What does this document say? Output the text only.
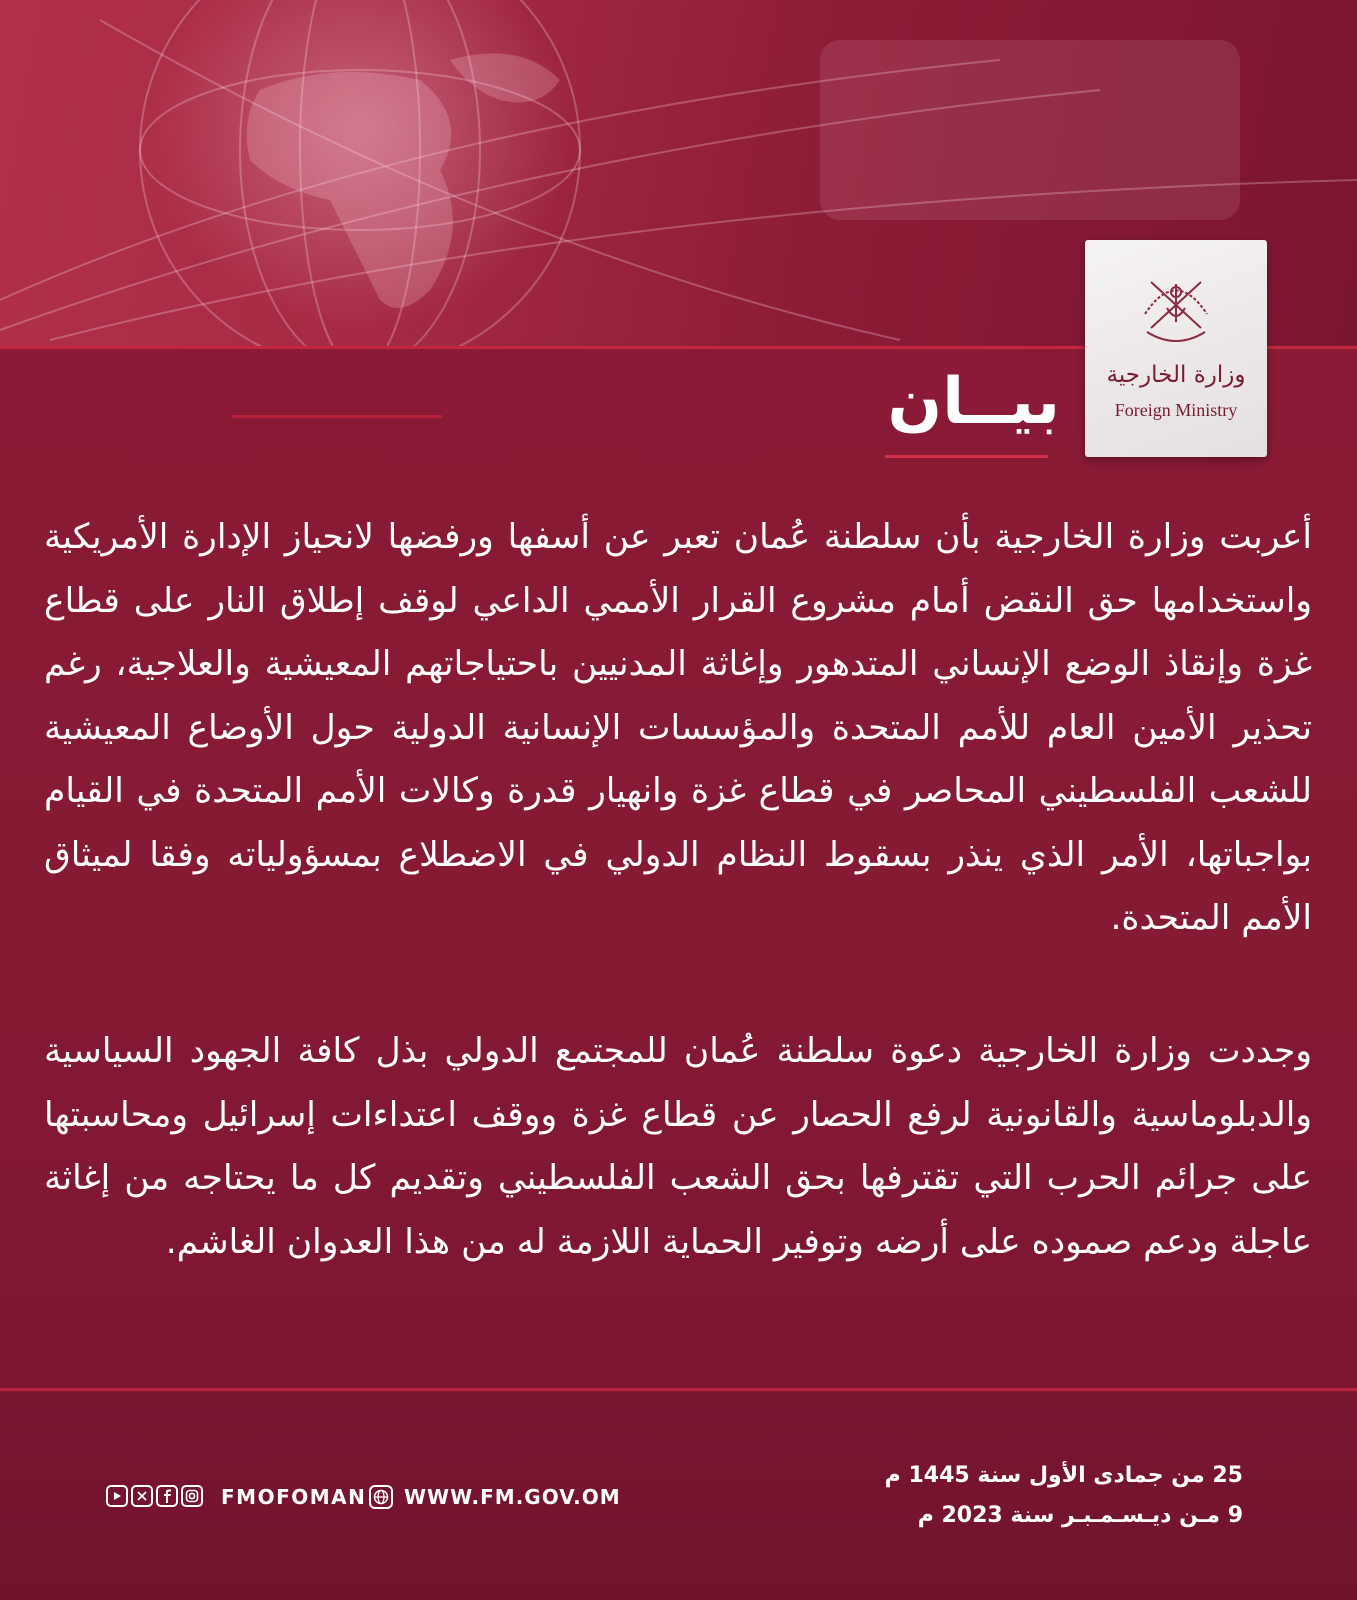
وزارة الخارجية
Foreign Ministry
بيــان
أعربت وزارة الخارجية بأن سلطنة عُمان تعبر عن أسفها ورفضها لانحياز الإدارة الأمريكية واستخدامها حق النقض أمام مشروع القرار الأممي الداعي لوقف إطلاق النار على قطاع غزة وإنقاذ الوضع الإنساني المتدهور وإغاثة المدنيين باحتياجاتهم المعيشية والعلاجية، رغم تحذير الأمين العام للأمم المتحدة والمؤسسات الإنسانية الدولية حول الأوضاع المعيشية للشعب الفلسطيني المحاصر في قطاع غزة وانهيار قدرة وكالات الأمم المتحدة في القيام بواجباتها، الأمر الذي ينذر بسقوط النظام الدولي في الاضطلاع بمسؤولياته وفقا لميثاق الأمم المتحدة.
وجددت وزارة الخارجية دعوة سلطنة عُمان للمجتمع الدولي بذل كافة الجهود السياسية والدبلوماسية والقانونية لرفع الحصار عن قطاع غزة ووقف اعتداءات إسرائيل ومحاسبتها على جرائم الحرب التي تقترفها بحق الشعب الفلسطيني وتقديم كل ما يحتاجه من إغاثة عاجلة ودعم صموده على أرضه وتوفير الحماية اللازمة له من هذا العدوان الغاشم.
25 من جمادى الأول سنة 1445 م
9 مـن ديـسـمـبـر سنة 2023 م
FMOFOMAN WWW.FM.GOV.OM
